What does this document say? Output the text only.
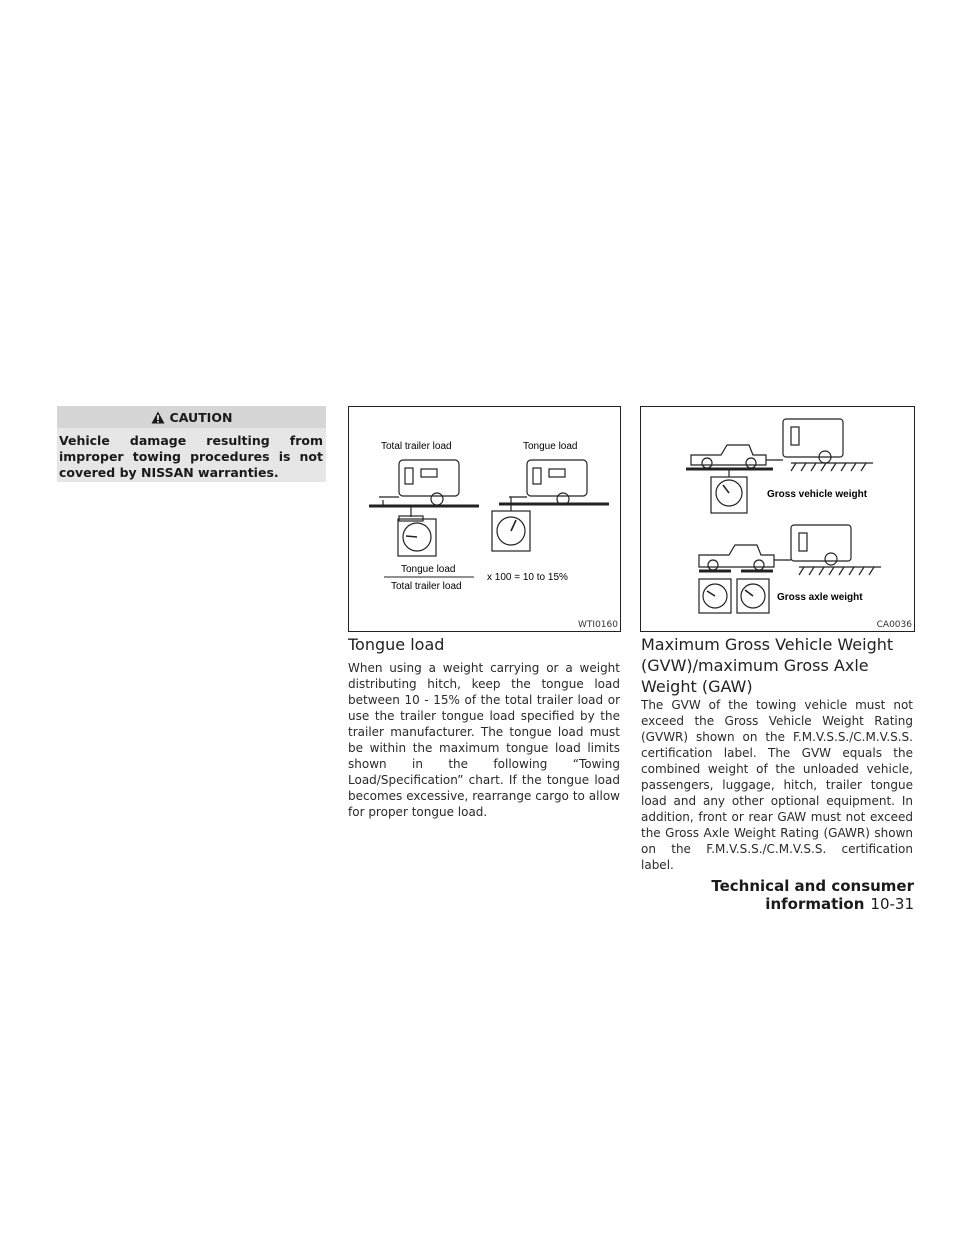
CAUTION

Vehicle damage resulting from improper towing procedures is not covered by NISSAN warranties.

Total trailer load	Tongue load
Tongue load
Total trailer load
x 100 = 10 to 15%
WTI0160
Gross vehicle weight
Gross axle weight
CA0036
Tongue load

When using a weight carrying or a weight distributing hitch, keep the tongue load between 10 - 15% of the total trailer load or use the trailer tongue load specified by the trailer manufacturer. The tongue load must be within the maximum tongue load limits shown in the following “Towing Load/Specification” chart. If the tongue load becomes excessive, rearrange cargo to allow for proper tongue load.

Maximum Gross Vehicle Weight (GVW)/maximum Gross Axle Weight (GAW)

The GVW of the towing vehicle must not exceed the Gross Vehicle Weight Rating (GVWR) shown on the F.M.V.S.S./C.M.V.S.S. certification label. The GVW equals the combined weight of the unloaded vehicle, passengers, luggage, hitch, trailer tongue load and any other optional equipment. In addition, front or rear GAW must not exceed the Gross Axle Weight Rating (GAWR) shown on the F.M.V.S.S./C.M.V.S.S. certification label.

Technical and consumer information 10-31
